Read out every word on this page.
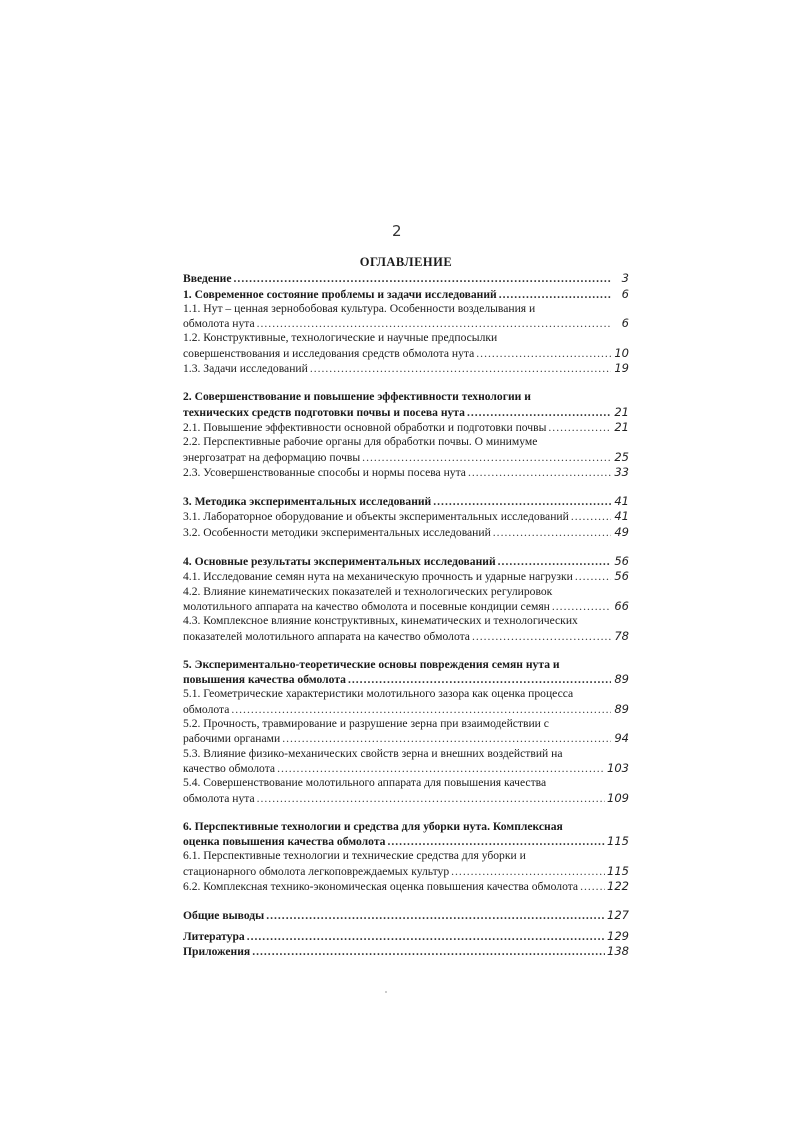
2
ОГЛАВЛЕНИЕ
Введение .....	3
1. Современное состояние проблемы и задачи исследований .....	6
1.1. Нут – ценная зернобобовая культура. Особенности возделывания и
обмолота нута .....	6
1.2. Конструктивные, технологические и научные предпосылки
совершенствования и исследования средств обмолота нута .....	10
1.3. Задачи исследований .....	19
2. Совершенствование и повышение эффективности технологии и
технических средств подготовки почвы и посева нута .....	21
2.1. Повышение эффективности основной обработки и подготовки почвы .....	21
2.2. Перспективные рабочие органы для обработки почвы. О минимуме
энергозатрат на деформацию почвы .....	25
2.3. Усовершенствованные способы и нормы посева нута .....	33
3. Методика экспериментальных исследований .....	41
3.1. Лабораторное оборудование и объекты экспериментальных исследований .....	41
3.2. Особенности методики экспериментальных исследований .....	49
4. Основные результаты экспериментальных исследований .....	56
4.1. Исследование семян нута на механическую прочность и ударные нагрузки .....	56
4.2. Влияние кинематических показателей и технологических регулировок
молотильного аппарата на качество обмолота и посевные кондиции семян .....	66
4.3. Комплексное влияние конструктивных, кинематических и технологических
показателей молотильного аппарата на качество обмолота .....	78
5. Экспериментально-теоретические основы повреждения семян нута и
повышения качества обмолота .....	89
5.1. Геометрические характеристики молотильного зазора как оценка процесса
обмолота .....	89
5.2. Прочность, травмирование и разрушение зерна при взаимодействии с
рабочими органами .....	94
5.3. Влияние физико-механических свойств зерна и внешних воздействий на
качество обмолота .....	103
5.4. Совершенствование молотильного аппарата для повышения качества
обмолота нута .....	109
6. Перспективные технологии и средства для уборки нута. Комплексная
оценка повышения качества обмолота .....	115
6.1. Перспективные технологии и технические средства для уборки и
стационарного обмолота легкоповреждаемых культур .....	115
6.2. Комплексная технико-экономическая оценка повышения качества обмолота .....	122
Общие выводы .....	127
Литература .....	129
Приложения .....	138
